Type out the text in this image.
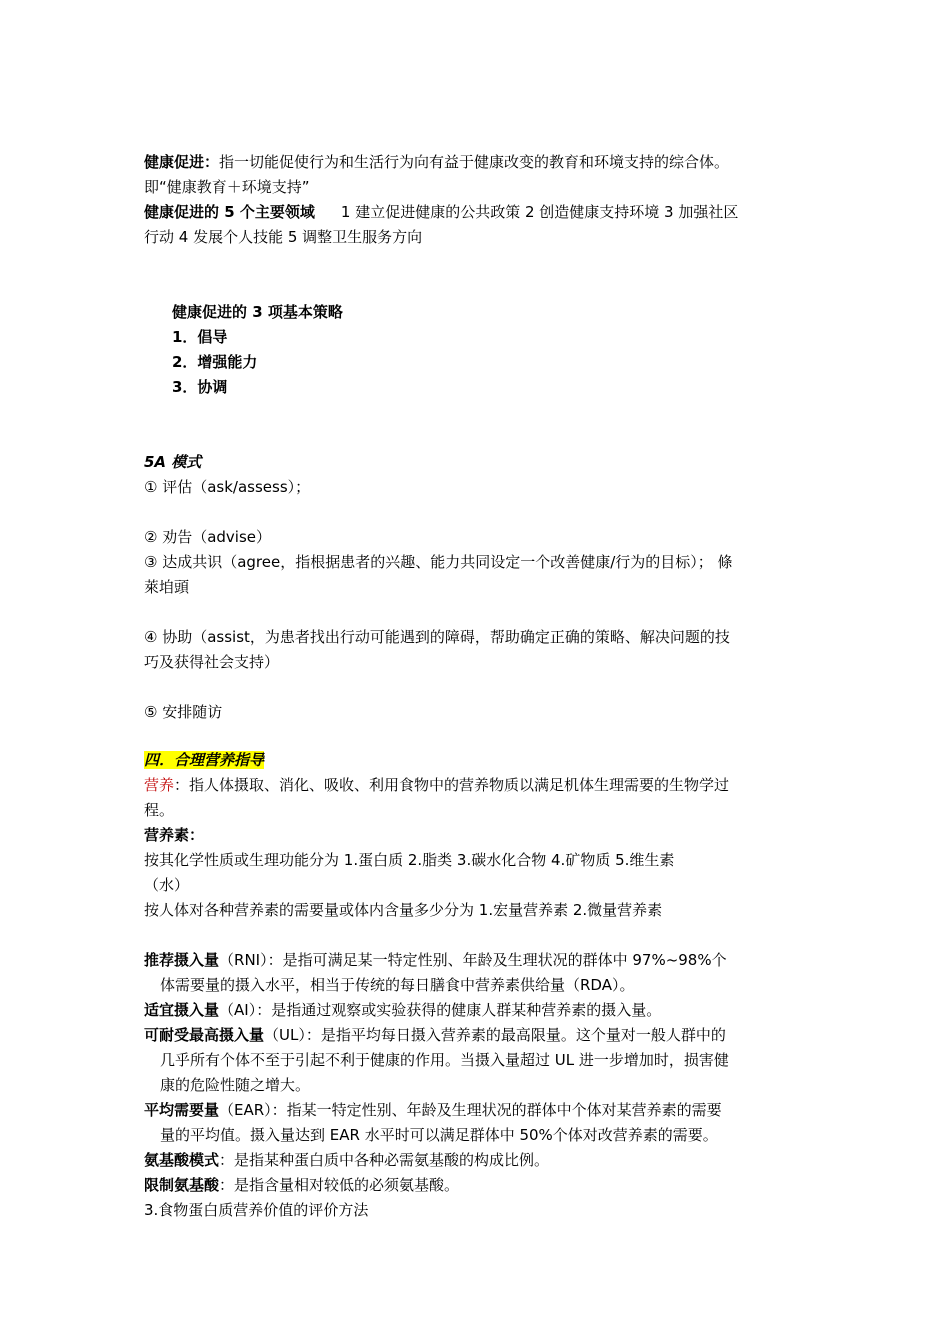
健康促进：指一切能促使行为和生活行为向有益于健康改变的教育和环境支持的综合体。
即“健康教育＋环境支持”
健康促进的 5 个主要领域 1 建立促进健康的公共政策 2 创造健康支持环境 3 加强社区
行动 4 发展个人技能 5 调整卫生服务方向
健康促进的 3 项基本策略
1．倡导
2．增强能力
3．协调
5A 模式
① 评估（ask/assess）；
② 劝告（advise）
③ 达成共识（agree，指根据患者的兴趣、能力共同设定一个改善健康/行为的目标）； 條
萊垍頭
④ 协助（assist，为患者找出行动可能遇到的障碍，帮助确定正确的策略、解决问题的技
巧及获得社会支持）
⑤ 安排随访
四．合理营养指导
营养：指人体摄取、消化、吸收、利用食物中的营养物质以满足机体生理需要的生物学过
程。
营养素：
按其化学性质或生理功能分为 1.蛋白质 2.脂类 3.碳水化合物 4.矿物质 5.维生素
（水）
按人体对各种营养素的需要量或体内含量多少分为 1.宏量营养素 2.微量营养素
推荐摄入量（RNI）：是指可满足某一特定性别、年龄及生理状况的群体中 97%~98%个
体需要量的摄入水平，相当于传统的每日膳食中营养素供给量（RDA）。
适宜摄入量（AI）：是指通过观察或实验获得的健康人群某种营养素的摄入量。
可耐受最高摄入量（UL）：是指平均每日摄入营养素的最高限量。这个量对一般人群中的
几乎所有个体不至于引起不利于健康的作用。当摄入量超过 UL 进一步增加时，损害健
康的危险性随之增大。
平均需要量（EAR）：指某一特定性别、年龄及生理状况的群体中个体对某营养素的需要
量的平均值。摄入量达到 EAR 水平时可以满足群体中 50%个体对改营养素的需要。
氨基酸模式：是指某种蛋白质中各种必需氨基酸的构成比例。
限制氨基酸：是指含量相对较低的必须氨基酸。
3.食物蛋白质营养价值的评价方法
